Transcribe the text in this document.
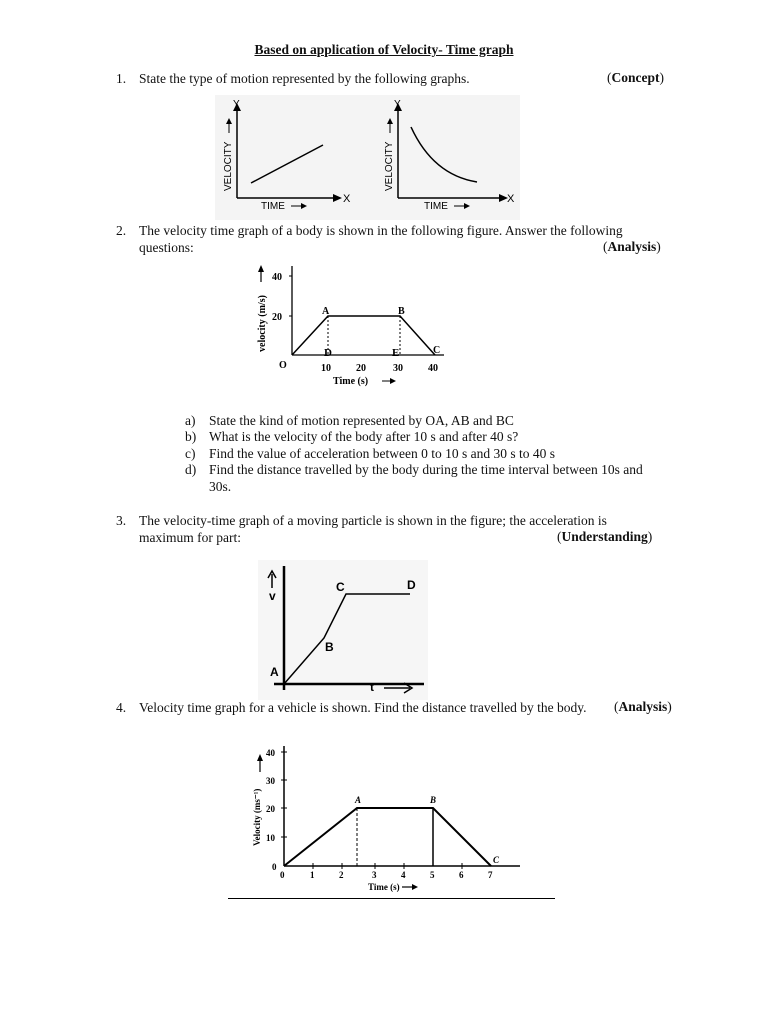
Based on application of Velocity- Time graph
1. State the type of motion represented by the following graphs.	(Concept)
Y
X
VELOCITY
TIME
Y
X
VELOCITY
TIME
2. The velocity time graph of a body is shown in the following figure. Answer the following
questions:	(Analysis)
velocity (m/s)
40
20
A	B
C
D	E
O	10	20	30	40
Time (s)
a) State the kind of motion represented by OA, AB and BC
b) What is the velocity of the body after 10 s and after 40 s?
c) Find the value of acceleration between 0 to 10 s and 30 s to 40 s
d) Find the distance travelled by the body during the time interval between 10s and
30s.
3. The velocity-time graph of a moving particle is shown in the figure; the acceleration is
maximum for part:	(Understanding)
v
A
B
C	D
t
4. Velocity time graph for a vehicle is shown. Find the distance travelled by the body. (Analysis)
40
30
20
10
0
Velocity (ms⁻¹)
0	1	2	3	4	5	6	7
A	B
C
Time (s)
